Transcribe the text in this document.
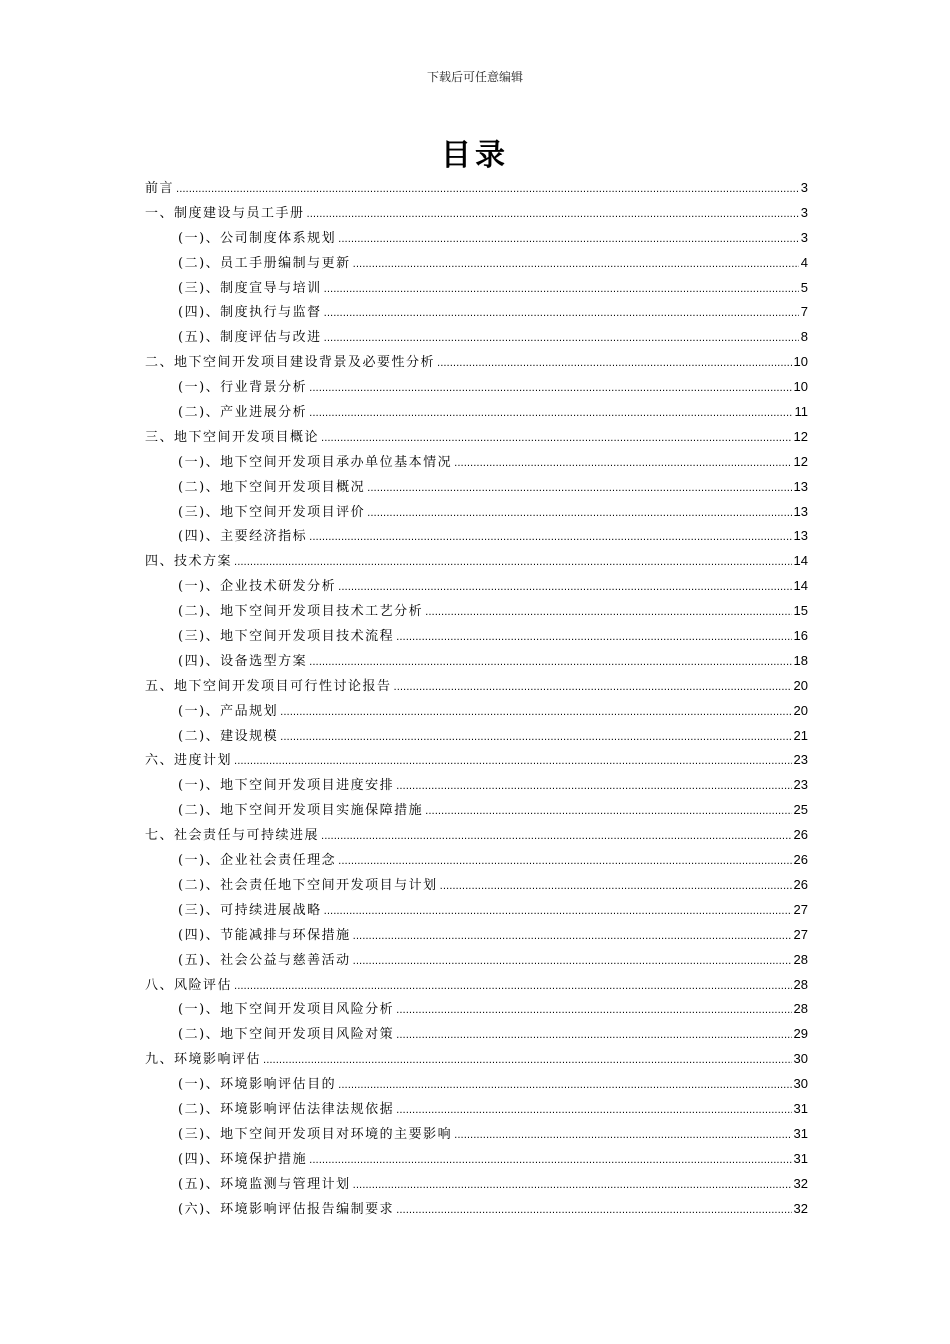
下载后可任意编辑
目录
前言 .....	3
一、制度建设与员工手册 .....	3
(一)、公司制度体系规划 .....	3
(二)、员工手册编制与更新 .....	4
(三)、制度宣导与培训 .....	5
(四)、制度执行与监督 .....	7
(五)、制度评估与改进 .....	8
二、地下空间开发项目建设背景及必要性分析 .....	10
(一)、行业背景分析 .....	10
(二)、产业进展分析 .....	11
三、地下空间开发项目概论 .....	12
(一)、地下空间开发项目承办单位基本情况 .....	12
(二)、地下空间开发项目概况 .....	13
(三)、地下空间开发项目评价 .....	13
(四)、主要经济指标 .....	13
四、技术方案 .....	14
(一)、企业技术研发分析 .....	14
(二)、地下空间开发项目技术工艺分析 .....	15
(三)、地下空间开发项目技术流程 .....	16
(四)、设备选型方案 .....	18
五、地下空间开发项目可行性讨论报告 .....	20
(一)、产品规划 .....	20
(二)、建设规模 .....	21
六、进度计划 .....	23
(一)、地下空间开发项目进度安排 .....	23
(二)、地下空间开发项目实施保障措施 .....	25
七、社会责任与可持续进展 .....	26
(一)、企业社会责任理念 .....	26
(二)、社会责任地下空间开发项目与计划 .....	26
(三)、可持续进展战略 .....	27
(四)、节能减排与环保措施 .....	27
(五)、社会公益与慈善活动 .....	28
八、风险评估 .....	28
(一)、地下空间开发项目风险分析 .....	28
(二)、地下空间开发项目风险对策 .....	29
九、环境影响评估 .....	30
(一)、环境影响评估目的 .....	30
(二)、环境影响评估法律法规依据 .....	31
(三)、地下空间开发项目对环境的主要影响 .....	31
(四)、环境保护措施 .....	31
(五)、环境监测与管理计划 .....	32
(六)、环境影响评估报告编制要求 .....	32
